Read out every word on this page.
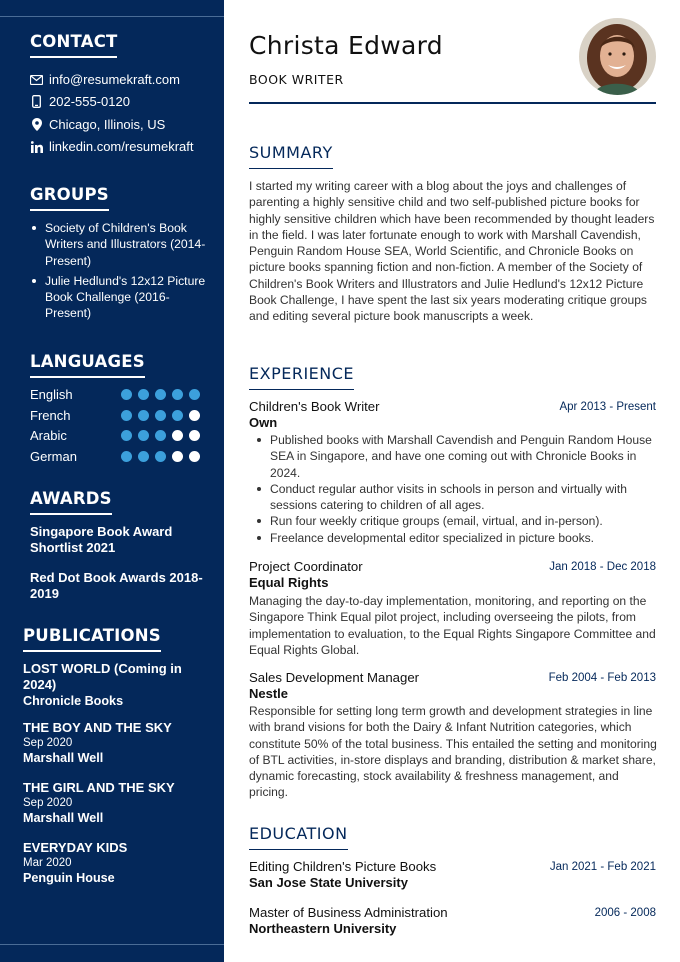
CONTACT
info@resumekraft.com
202-555-0120
Chicago, Illinois, US
linkedin.com/resumekraft
GROUPS
Society of Children's Book Writers and Illustrators (2014-Present)
Julie Hedlund's 12x12 Picture Book Challenge (2016-Present)
LANGUAGES
English
French
Arabic
German
AWARDS
Singapore Book Award Shortlist 2021
Red Dot Book Awards 2018-2019
PUBLICATIONS
LOST WORLD (Coming in 2024)
Chronicle Books
THE BOY AND THE SKY
Sep 2020
Marshall Well
THE GIRL AND THE SKY
Sep 2020
Marshall Well
EVERYDAY KIDS
Mar 2020
Penguin House
Christa Edward
BOOK WRITER
SUMMARY
I started my writing career with a blog about the joys and challenges of parenting a highly sensitive child and two self-published picture books for highly sensitive children which have been recommended by thought leaders in the field. I was later fortunate enough to work with Marshall Cavendish, Penguin Random House SEA, World Scientific, and Chronicle Books on picture books spanning fiction and non-fiction. A member of the Society of Children's Book Writers and Illustrators and Julie Hedlund's 12x12 Picture Book Challenge, I have spent the last six years moderating critique groups and editing several picture book manuscripts a week.
EXPERIENCE
Children's Book Writer	Apr 2013 - Present
Own
Published books with Marshall Cavendish and Penguin Random House SEA in Singapore, and have one coming out with Chronicle Books in 2024.
Conduct regular author visits in schools in person and virtually with sessions catering to children of all ages.
Run four weekly critique groups (email, virtual, and in-person).
Freelance developmental editor specialized in picture books.
Project Coordinator	Jan 2018 - Dec 2018
Equal Rights
Managing the day-to-day implementation, monitoring, and reporting on the Singapore Think Equal pilot project, including overseeing the pilots, from implementation to evaluation, to the Equal Rights Singapore Committee and Equal Rights Global.
Sales Development Manager	Feb 2004 - Feb 2013
Nestle
Responsible for setting long term growth and development strategies in line with brand visions for both the Dairy & Infant Nutrition categories, which constitute 50% of the total business. This entailed the setting and monitoring of BTL activities, in-store displays and branding, distribution & market share, dynamic forecasting, stock availability & freshness management, and pricing.
EDUCATION
Editing Children's Picture Books	Jan 2021 - Feb 2021
San Jose State University
Master of Business Administration	2006 - 2008
Northeastern University
